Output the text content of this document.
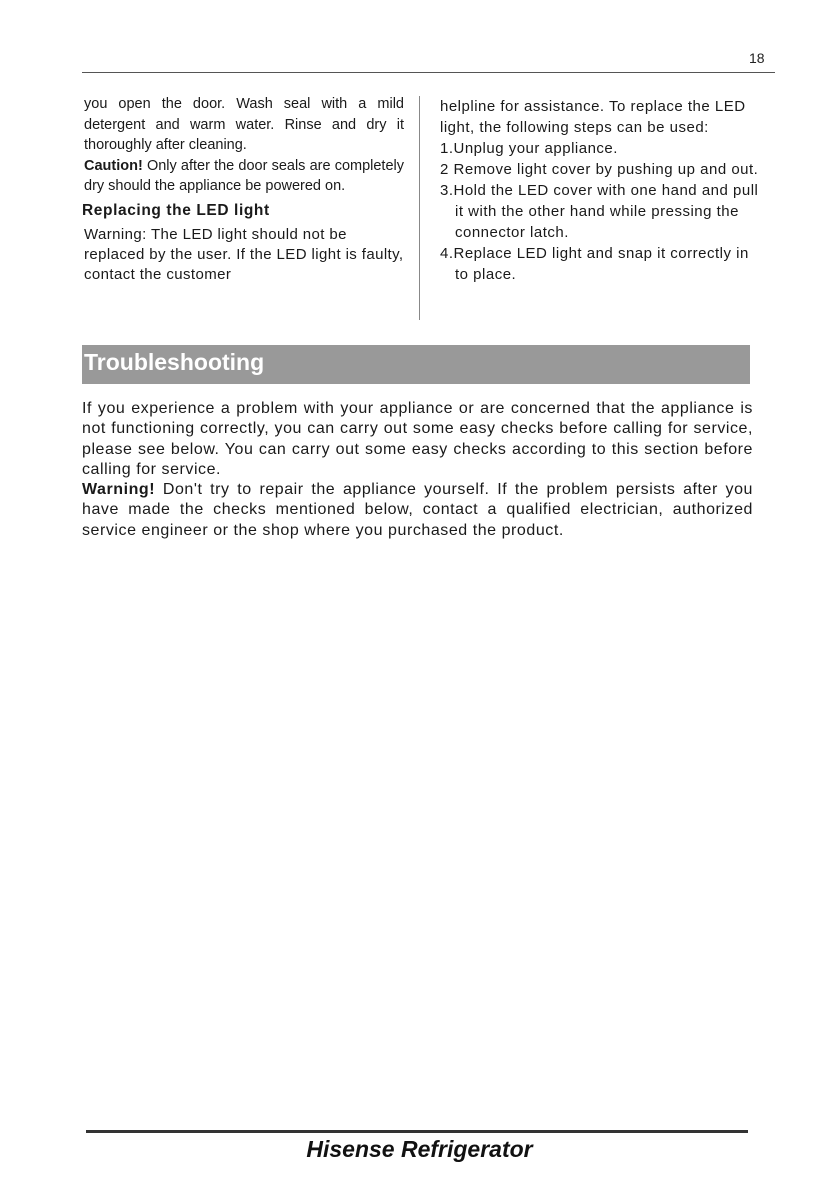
18

you open the door. Wash seal with a mild detergent and warm water. Rinse and dry it thoroughly after cleaning.

Caution! Only after the door seals are completely dry should the appliance be powered on.

Replacing the LED light

Warning: The LED light should not be replaced by the user. If the LED light is faulty, contact the customer

helpline for assistance. To replace the LED light, the following steps can be used:

1.Unplug your appliance.
2 Remove light cover by pushing up and out.
3.Hold the LED cover with one hand and pull it with the other hand while pressing the connector latch.
4.Replace LED light and snap it correctly in to place.
Troubleshooting

If you experience a problem with your appliance or are concerned that the appliance is not functioning correctly, you can carry out some easy checks before calling for service, please see below. You can carry out some easy checks according to this section before calling for service.

Warning! Don't try to repair the appliance yourself. If the problem persists after you have made the checks mentioned below, contact a qualified electrician, authorized service engineer or the shop where you purchased the product.

Hisense Refrigerator
